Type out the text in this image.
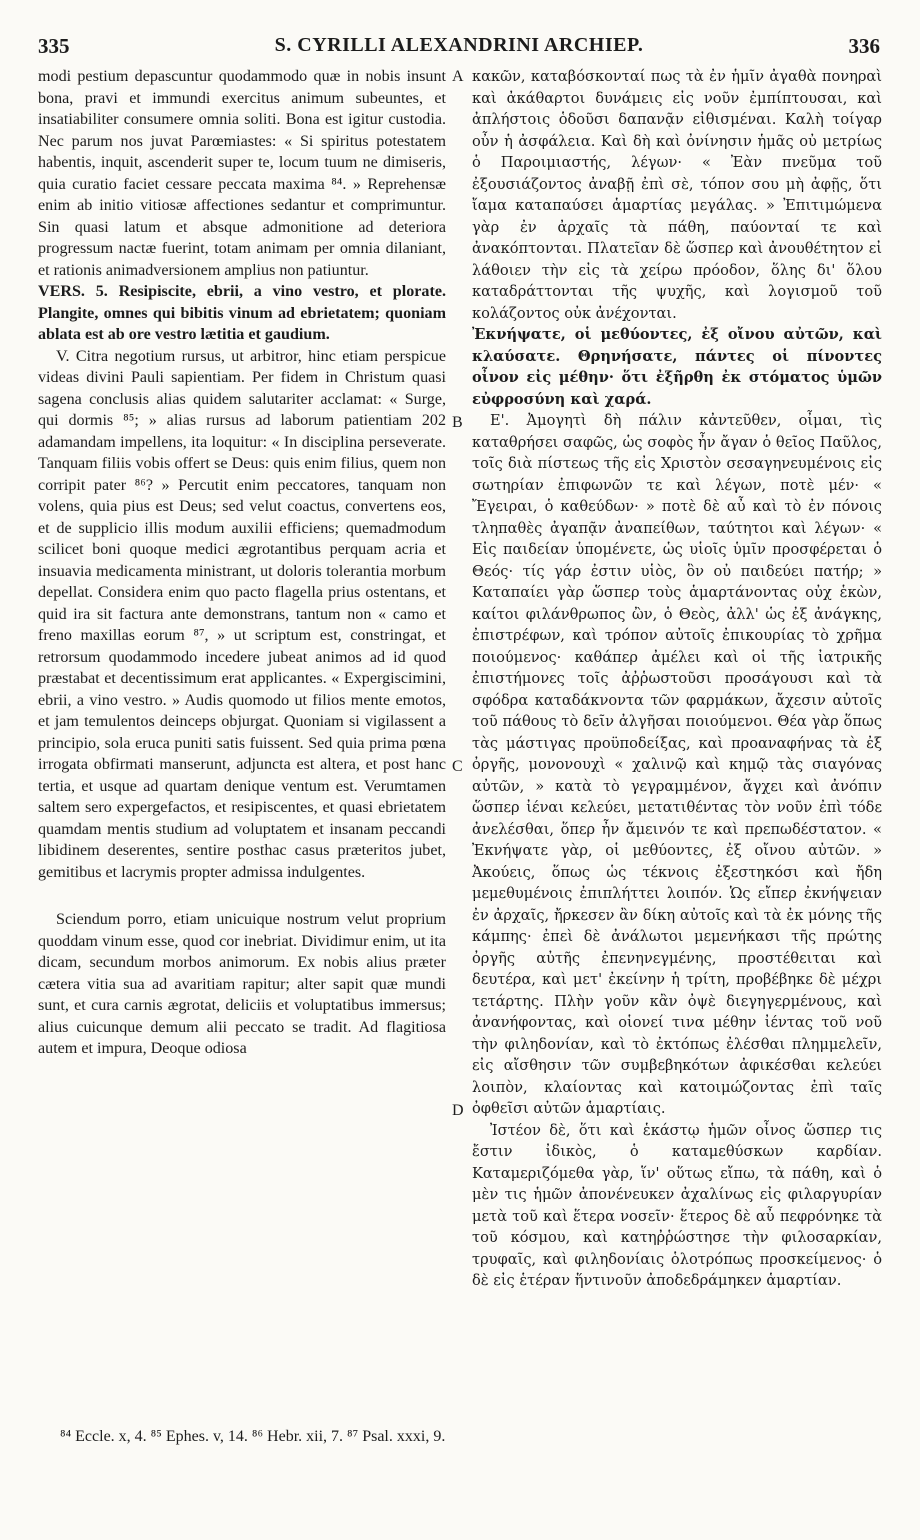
335	S. CYRILLI ALEXANDRINI ARCHIEP.	336

modi pestium depascuntur quodammodo quæ in nobis insunt bona, pravi et immundi exercitus animum subeuntes, et insatiabiliter consumere omnia soliti. Bona est igitur custodia. Nec parum nos juvat Parœmiastes: « Si spiritus potestatem habentis, inquit, ascenderit super te, locum tuum ne dimiseris, quia curatio faciet cessare peccata maxima ⁸⁴. » Reprehensæ enim ab initio vitiosæ affectiones sedantur et comprimuntur. Sin quasi latum et absque admonitione ad deteriora progressum nactæ fuerint, totam animam per omnia dilaniant, et rationis animadversionem amplius non patiuntur.

VERS. 5. Resipiscite, ebrii, a vino vestro, et plorate. Plangite, omnes qui bibitis vinum ad ebrietatem; quoniam ablata est ab ore vestro lætitia et gaudium.

V. Citra negotium rursus, ut arbitror, hinc etiam perspicue videas divini Pauli sapientiam. Per fidem in Christum quasi sagena conclusis alias quidem salutariter acclamat: « Surge, qui dormis ⁸⁵; » alias rursus ad laborum patientiam 202 adamandam impellens, ita loquitur: « In disciplina perseverate. Tanquam filiis vobis offert se Deus: quis enim filius, quem non corripit pater ⁸⁶? » Percutit enim peccatores, tanquam non volens, quia pius est Deus; sed velut coactus, convertens eos, et de supplicio illis modum auxilii efficiens; quemadmodum scilicet boni quoque medici ægrotantibus perquam acria et insuavia medicamenta ministrant, ut doloris tolerantia morbum depellat. Considera enim quo pacto flagella prius ostentans, et quid ira sit factura ante demonstrans, tantum non « camo et freno maxillas eorum ⁸⁷, » ut scriptum est, constringat, et retrorsum quodammodo incedere jubeat animos ad id quod præstabat et decentissimum erat applicantes. « Expergiscimini, ebrii, a vino vestro. » Audis quomodo ut filios mente emotos, et jam temulentos deinceps objurgat. Quoniam si vigilassent a principio, sola eruca puniti satis fuissent. Sed quia prima pœna irrogata obfirmati manserunt, adjuncta est altera, et post hanc tertia, et usque ad quartam denique ventum est. Verumtamen saltem sero expergefactos, et resipiscentes, et quasi ebrietatem quamdam mentis studium ad voluptatem et insanam peccandi libidinem deserentes, sentire posthac casus præteritos jubet, gemitibus et lacrymis propter admissa indulgentes.

Sciendum porro, etiam unicuique nostrum velut proprium quoddam vinum esse, quod cor inebriat. Dividimur enim, ut ita dicam, secundum morbos animorum. Ex nobis alius præter cætera vitia sua ad avaritiam rapitur; alter sapit quæ mundi sunt, et cura carnis ægrotat, deliciis et voluptatibus immersus; alius cuicunque demum alii peccato se tradit. Ad flagitiosa autem et impura, Deoque odiosa

κακῶν, καταβόσκονταί πως τὰ ἐν ἡμῖν ἀγαθὰ πονηραὶ καὶ ἀκάθαρτοι δυνάμεις εἰς νοῦν ἐμπίπτουσαι, καὶ ἀπλήστοις ὁδοῦσι δαπανᾷν εἰθισμέναι. Καλὴ τοίγαρ οὖν ἡ ἀσφάλεια. Καὶ δὴ καὶ ὀνίνησιν ἡμᾶς οὐ μετρίως ὁ Παροιμιαστής, λέγων· « Ἐὰν πνεῦμα τοῦ ἐξουσιάζοντος ἀναβῇ ἐπὶ σὲ, τόπον σου μὴ ἀφῇς, ὅτι ἴαμα καταπαύσει ἁμαρτίας μεγάλας. » Ἐπιτιμώμενα γὰρ ἐν ἀρχαῖς τὰ πάθη, παύονταί τε καὶ ἀνακόπτονται. Πλατεῖαν δὲ ὥσπερ καὶ ἀνουθέτητον εἰ λάθοιεν τὴν εἰς τὰ χείρω πρόοδον, ὅλης δι' ὅλου καταδράττονται τῆς ψυχῆς, καὶ λογισμοῦ τοῦ κολάζοντος οὐκ ἀνέχονται.

Ἐκνήψατε, οἱ μεθύοντες, ἐξ οἴνου αὐτῶν, καὶ κλαύσατε. Θρηνήσατε, πάντες οἱ πίνοντες οἶνον εἰς μέθην· ὅτι ἐξῆρθη ἐκ στόματος ὑμῶν εὐφροσύνη καὶ χαρά.

Ε'. Ἀμογητὶ δὴ πάλιν κἀντεῦθεν, οἶμαι, τὶς καταθρήσει σαφῶς, ὡς σοφὸς ἦν ἄγαν ὁ θεῖος Παῦλος, τοῖς διὰ πίστεως τῆς εἰς Χριστὸν σεσαγηνευμένοις εἰς σωτηρίαν ἐπιφωνῶν τε καὶ λέγων, ποτὲ μέν· « Ἔγειραι, ὁ καθεύδων· » ποτὲ δὲ αὖ καὶ τὸ ἐν πόνοις τληπαθὲς ἀγαπᾷν ἀναπείθων, ταύτητοι καὶ λέγων· « Εἰς παιδείαν ὑπομένετε, ὡς υἱοῖς ὑμῖν προσφέρεται ὁ Θεός· τίς γάρ ἐστιν υἱὸς, ὃν οὐ παιδεύει πατήρ; » Καταπαίει γὰρ ὥσπερ τοὺς ἁμαρτάνοντας οὐχ ἑκὼν, καίτοι φιλάνθρωπος ὢν, ὁ Θεὸς, ἀλλ' ὡς ἐξ ἀνάγκης, ἐπιστρέφων, καὶ τρόπον αὐτοῖς ἐπικουρίας τὸ χρῆμα ποιούμενος· καθάπερ ἀμέλει καὶ οἱ τῆς ἰατρικῆς ἐπιστήμονες τοῖς ἀῤῥωστοῦσι προσάγουσι καὶ τὰ σφόδρα καταδάκνοντα τῶν φαρμάκων, ἄχεσιν αὐτοῖς τοῦ πάθους τὸ δεῖν ἀλγῆσαι ποιούμενοι. Θέα γὰρ ὅπως τὰς μάστιγας προϋποδείξας, καὶ προαναφήνας τὰ ἐξ ὀργῆς, μονονουχὶ « χαλινῷ καὶ κημῷ τὰς σιαγόνας αὐτῶν, » κατὰ τὸ γεγραμμένον, ἄγχει καὶ ἀνόπιν ὥσπερ ἰέναι κελεύει, μετατιθέντας τὸν νοῦν ἐπὶ τόδε ἀνελέσθαι, ὅπερ ἦν ἄμεινόν τε καὶ πρεπωδέστατον. « Ἐκνήψατε γὰρ, οἱ μεθύοντες, ἐξ οἴνου αὐτῶν. » Ἀκούεις, ὅπως ὡς τέκνοις ἐξεστηκόσι καὶ ἤδη μεμεθυμένοις ἐπιπλήττει λοιπόν. Ὡς εἴπερ ἐκνήψειαν ἐν ἀρχαῖς, ἤρκεσεν ἂν δίκη αὐτοῖς καὶ τὰ ἐκ μόνης τῆς κάμπης· ἐπεὶ δὲ ἀνάλωτοι μεμενήκασι τῆς πρώτης ὀργῆς αὐτῆς ἐπενηνεγμένης, προστέθειται καὶ δευτέρα, καὶ μετ' ἐκείνην ἡ τρίτη, προβέβηκε δὲ μέχρι τετάρτης. Πλὴν γοῦν κἂν ὀψὲ διεγηγερμένους, καὶ ἀνανήφοντας, καὶ οἱονεί τινα μέθην ἰέντας τοῦ νοῦ τὴν φιληδονίαν, καὶ τὸ ἐκτόπως ἐλέσθαι πλημμελεῖν, εἰς αἴσθησιν τῶν συμβεβηκότων ἀφικέσθαι κελεύει λοιπὸν, κλαίοντας καὶ κατοιμώζοντας ἐπὶ ταῖς ὀφθεῖσι αὐτῶν ἁμαρτίαις.

Ἰστέον δὲ, ὅτι καὶ ἑκάστῳ ἡμῶν οἶνος ὥσπερ τις ἔστιν ἰδικὸς, ὁ καταμεθύσκων καρδίαν. Καταμεριζόμεθα γὰρ, ἵν' οὕτως εἴπω, τὰ πάθη, καὶ ὁ μὲν τις ἡμῶν ἀπονένευκεν ἀχαλίνως εἰς φιλαργυρίαν μετὰ τοῦ καὶ ἕτερα νοσεῖν· ἕτερος δὲ αὖ πεφρόνηκε τὰ τοῦ κόσμου, καὶ κατηῤῥώστησε τὴν φιλοσαρκίαν, τρυφαῖς, καὶ φιληδονίαις ὁλοτρόπως προσκείμενος· ὁ δὲ εἰς ἑτέραν ἥντινοῦν ἀποδεδράμηκεν ἁμαρτίαν.

A
B
C
D
⁸⁴ Eccle. x, 4. ⁸⁵ Ephes. v, 14. ⁸⁶ Hebr. xii, 7. ⁸⁷ Psal. xxxi, 9.
